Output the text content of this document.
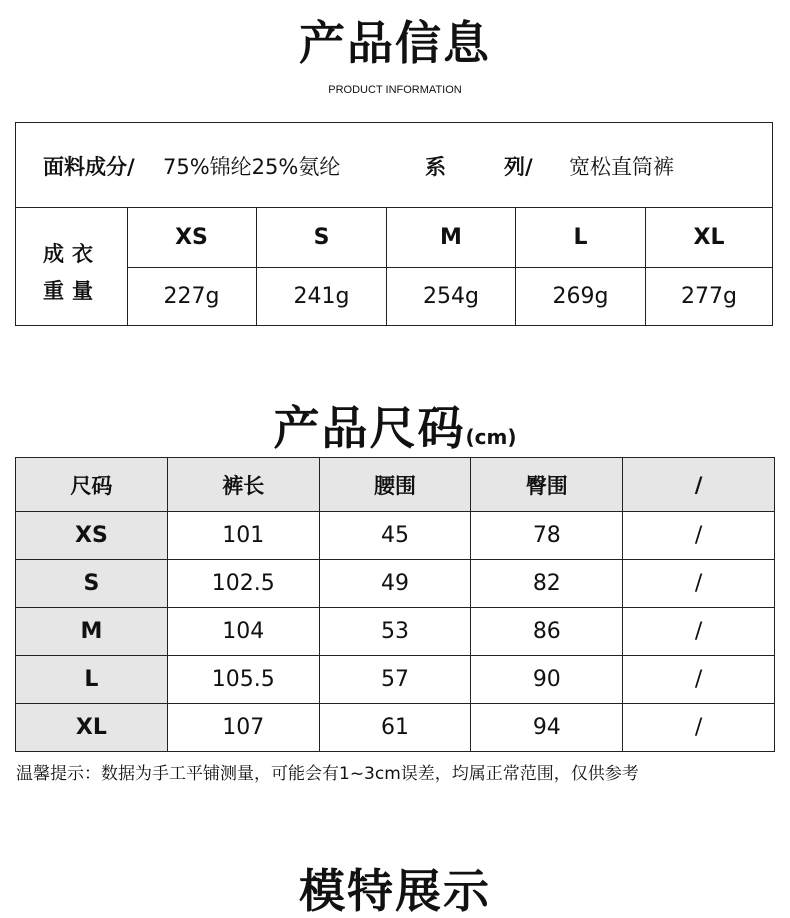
产品信息
PRODUCT INFORMATION
面料成分/ 75%锦纶25%氨纶	系	列/ 宽松直筒裤
成衣
重量
XS	S	M	L	XL
227g	241g	254g	269g	277g
产品尺码(cm)
尺码	裤长	腰围	臀围	/
XS	101	45	78	/
S	102.5	49	82	/
M	104	53	86	/
L	105.5	57	90	/
XL	107	61	94	/
温馨提示：数据为手工平铺测量，可能会有1~3cm误差，均属正常范围，仅供参考
模特展示
